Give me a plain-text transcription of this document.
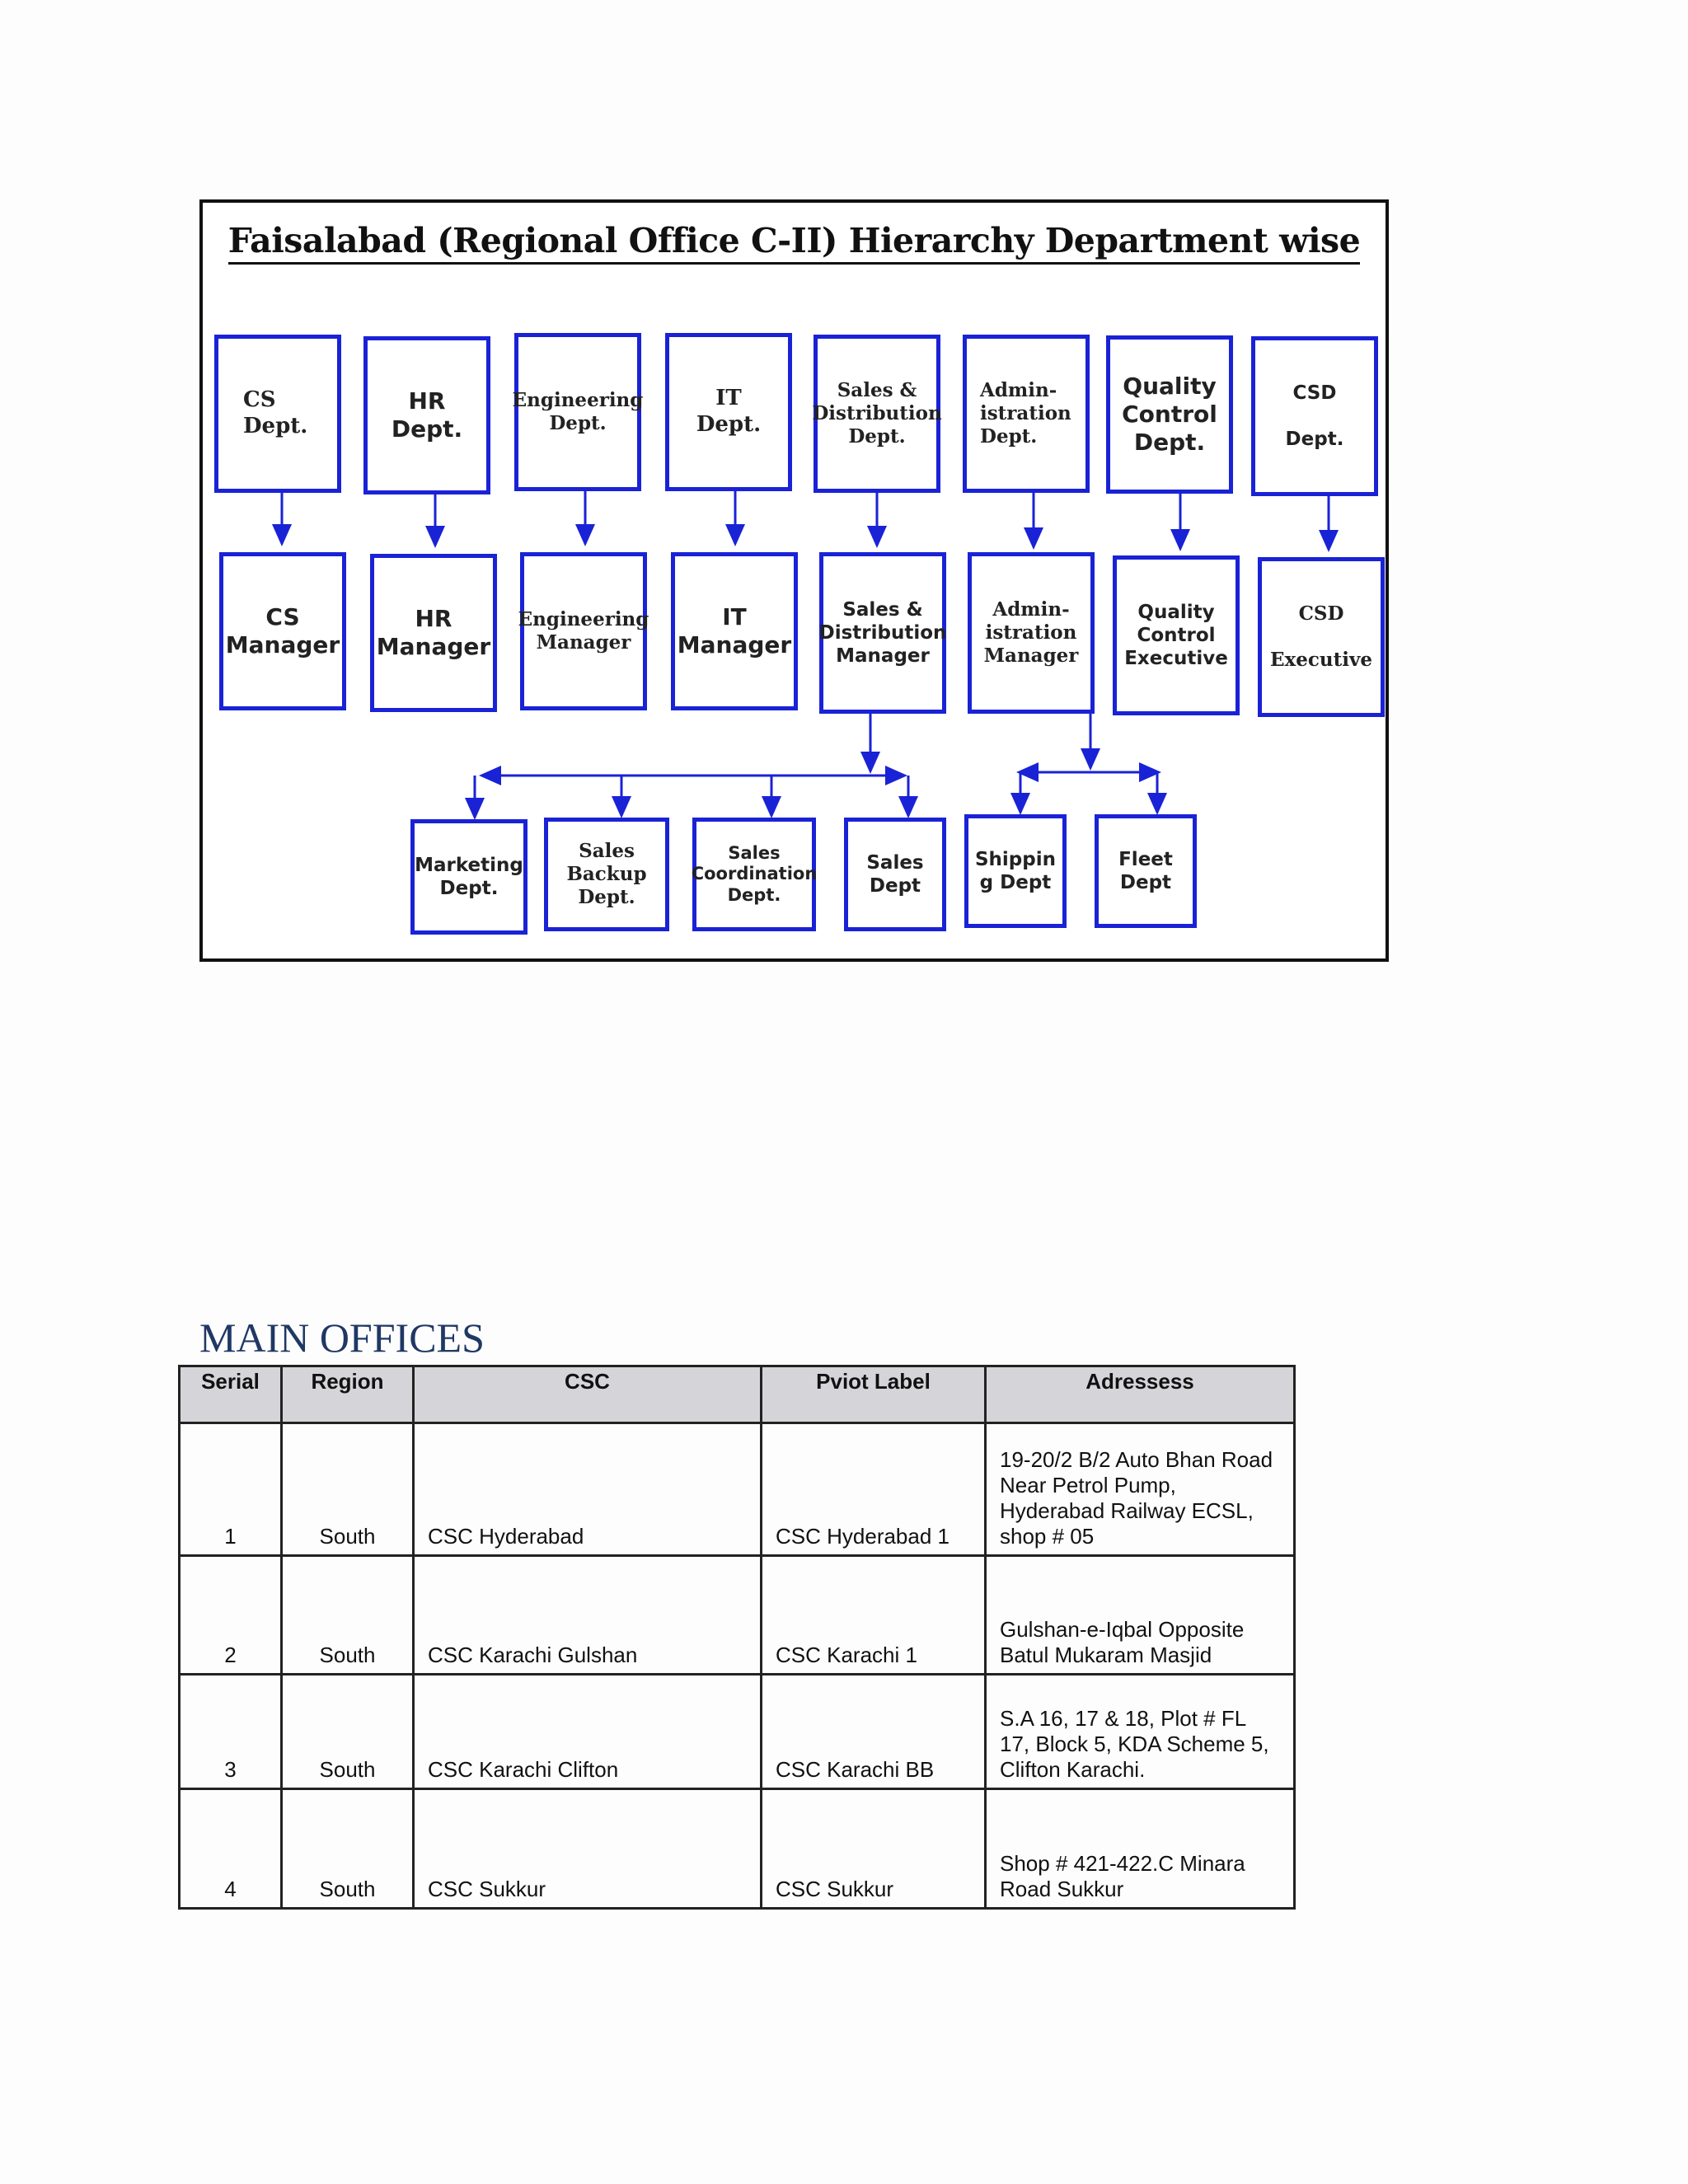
Faisalabad (Regional Office C-II) Hierarchy Department wise
CS
Dept.
HR
Dept.
Engineering
Dept.
IT
Dept.
Sales &
Distribution
Dept.
Admin-
istration
Dept.
Quality
Control
Dept.
CSD

Dept.
CS
Manager
HR
Manager
Engineering
Manager
IT
Manager
Sales &
Distribution
Manager
Admin-
istration
Manager
Quality
Control
Executive
CSD

Executive
Marketing
Dept.
Sales
Backup
Dept.
Sales
Coordination
Dept.
Sales
Dept
Shippin
g Dept
Fleet
Dept
MAIN OFFICES
Serial	Region	CSC	Pviot Label	Adressess
1	South	CSC Hyderabad	CSC Hyderabad 1	19-20/2 B/2 Auto Bhan Road Near Petrol Pump, Hyderabad Railway ECSL, shop # 05
2	South	CSC Karachi Gulshan	CSC Karachi 1	Gulshan-e-Iqbal Opposite Batul Mukaram Masjid
3	South	CSC Karachi Clifton	CSC Karachi BB	S.A 16, 17 & 18, Plot # FL 17, Block 5, KDA Scheme 5, Clifton Karachi.
4	South	CSC Sukkur	CSC Sukkur	Shop # 421-422.C Minara Road Sukkur
